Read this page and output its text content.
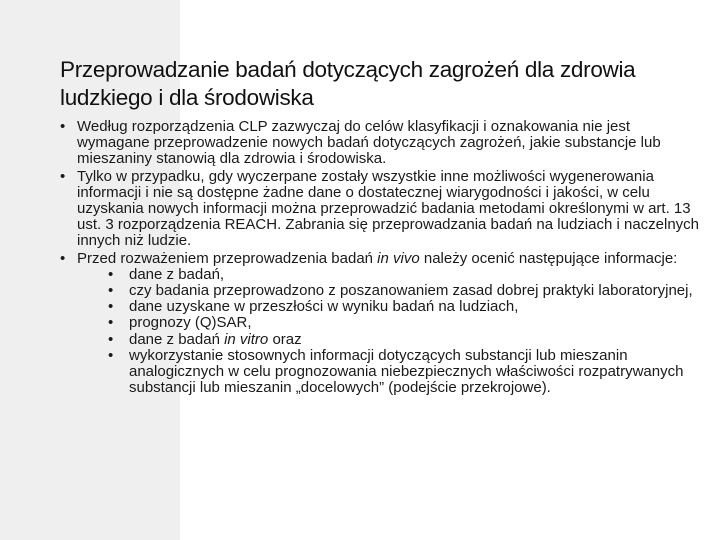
Przeprowadzanie badań dotyczących zagrożeń dla zdrowia ludzkiego i dla środowiska
• Według rozporządzenia CLP zazwyczaj do celów klasyfikacji i oznakowania nie jest wymagane przeprowadzenie nowych badań dotyczących zagrożeń, jakie substancje lub mieszaniny stanowią dla zdrowia i środowiska.
• Tylko w przypadku, gdy wyczerpane zostały wszystkie inne możliwości wygenerowania informacji i nie są dostępne żadne dane o dostatecznej wiarygodności i jakości, w celu uzyskania nowych informacji można przeprowadzić badania metodami określonymi w art. 13 ust. 3 rozporządzenia REACH. Zabrania się przeprowadzania badań na ludziach i naczelnych innych niż ludzie.
• Przed rozważeniem przeprowadzenia badań in vivo należy ocenić następujące informacje:
• dane z badań,
• czy badania przeprowadzono z poszanowaniem zasad dobrej praktyki laboratoryjnej,
• dane uzyskane w przeszłości w wyniku badań na ludziach,
• prognozy (Q)SAR,
• dane z badań in vitro oraz
• wykorzystanie stosownych informacji dotyczących substancji lub mieszanin analogicznych w celu prognozowania niebezpiecznych właściwości rozpatrywanych substancji lub mieszanin „docelowych” (podejście przekrojowe).
